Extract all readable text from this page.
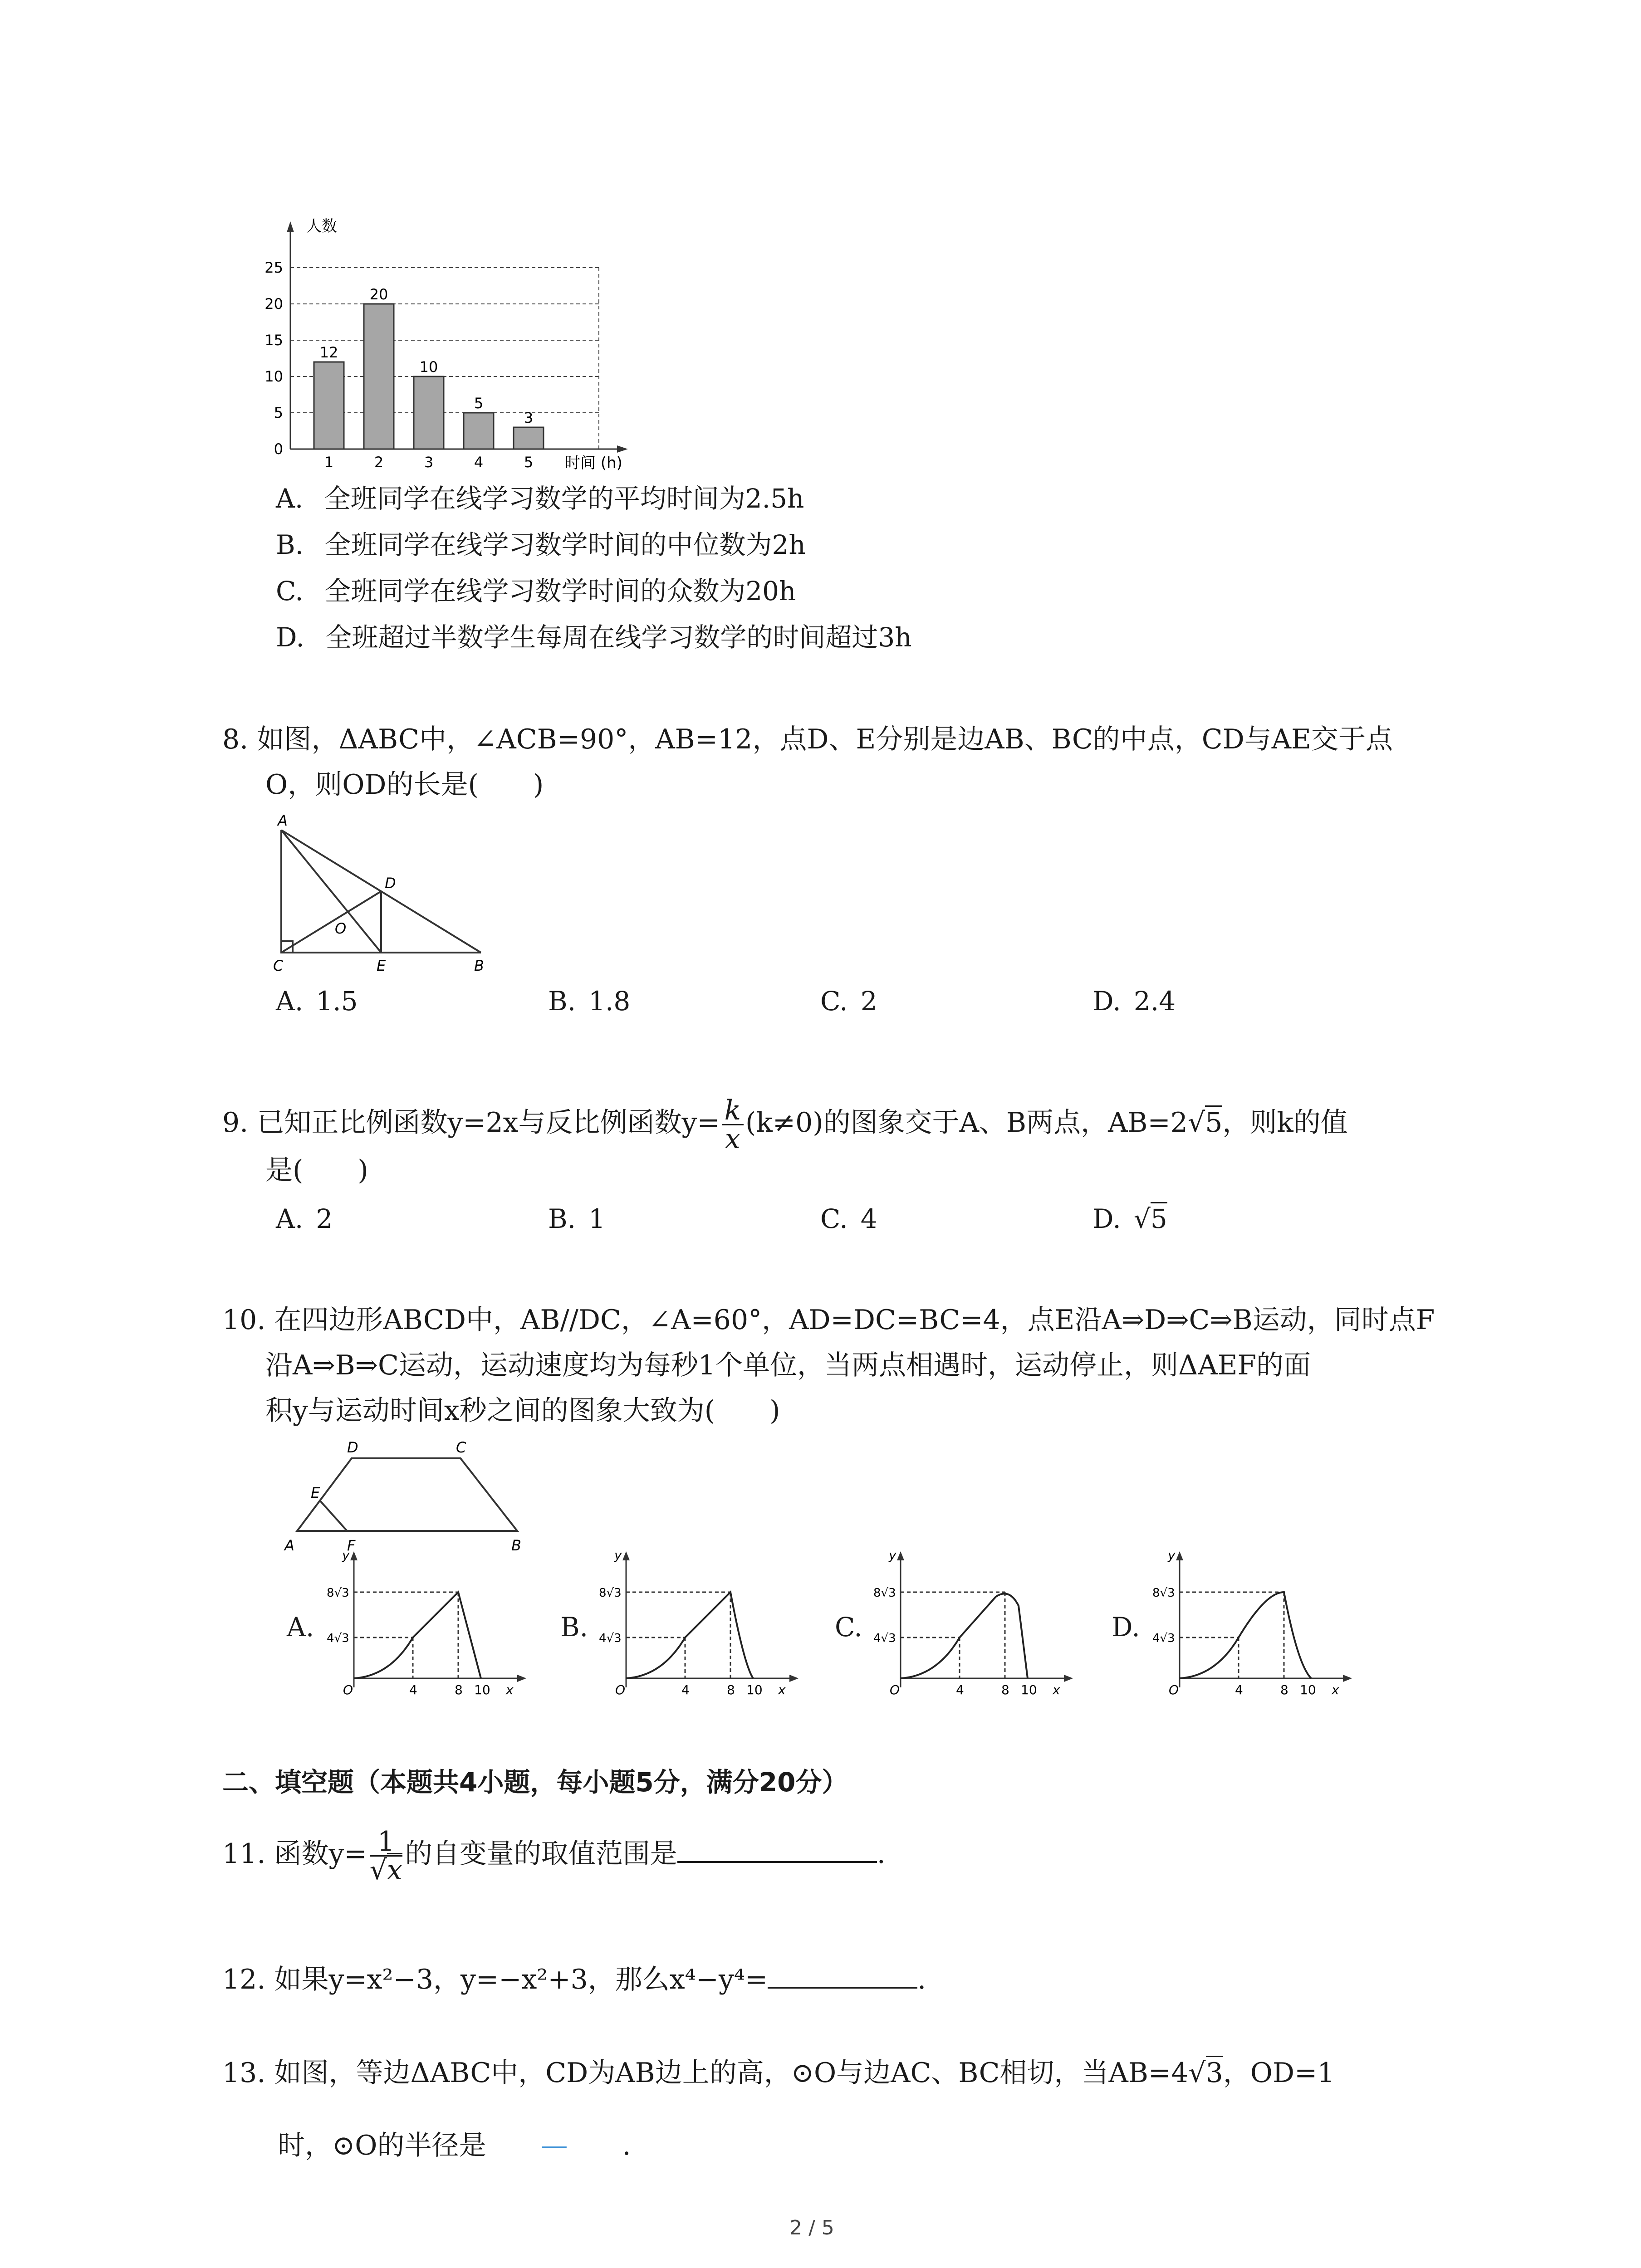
12
20
10
5
3
0
5
10
15
20
25
1	2	3	4	5
人数
时间 (h)
A. 全班同学在线学习数学的平均时间为2.5h
B. 全班同学在线学习数学时间的中位数为2h
C. 全班同学在线学习数学时间的众数为20h
D. 全班超过半数学生每周在线学习数学的时间超过3h
8. 如图，ΔABC中，∠ACB=90°，AB=12，点D、E分别是边AB、BC的中点，CD与AE交于点
O，则OD的长是(　　)
A
D
O
C	E	B
A. 1.5	B. 1.8	C. 2	D. 2.4
9. 已知正比例函数y=2x与反比例函数$y= \frac{k}{x} (k\ne 0)$的图象交于A、B两点，AB=2√5，则k的值
是(　　)
A. 2	B. 1	C. 4	D. √5
10. 在四边形ABCD中，AB//DC，∠A=60°，AD=DC=BC=4，点E沿A⇒D⇒C⇒B运动，同时点F
沿A⇒B⇒C运动，运动速度均为每秒1个单位，当两点相遇时，运动停止，则ΔAEF的面
积y与运动时间x秒之间的图象大致为(　　)
D	C
E
A	F	B
A.	B.	C.	D.
y
8√3
4√3
O	4	8 10 x
y
8√3
4√3
O	4	8 10 x
y
8√3
4√3
O	4	8 10 x
y
8√3
4√3
O	4	8 10 x
二、填空题（本题共4小题，每小题5分，满分20分）
11. 函数$y= \frac{1}{√x}$ 的自变量的取值范围是	.
12. 如果y=x²−3，y=−x²+3，那么x⁴−y⁴=	.
13. 如图，等边ΔABC中，CD为AB边上的高，⊙O与边AC、BC相切，当AB=4√3，OD=1
时，⊙O的半径是 — .
2 / 5
